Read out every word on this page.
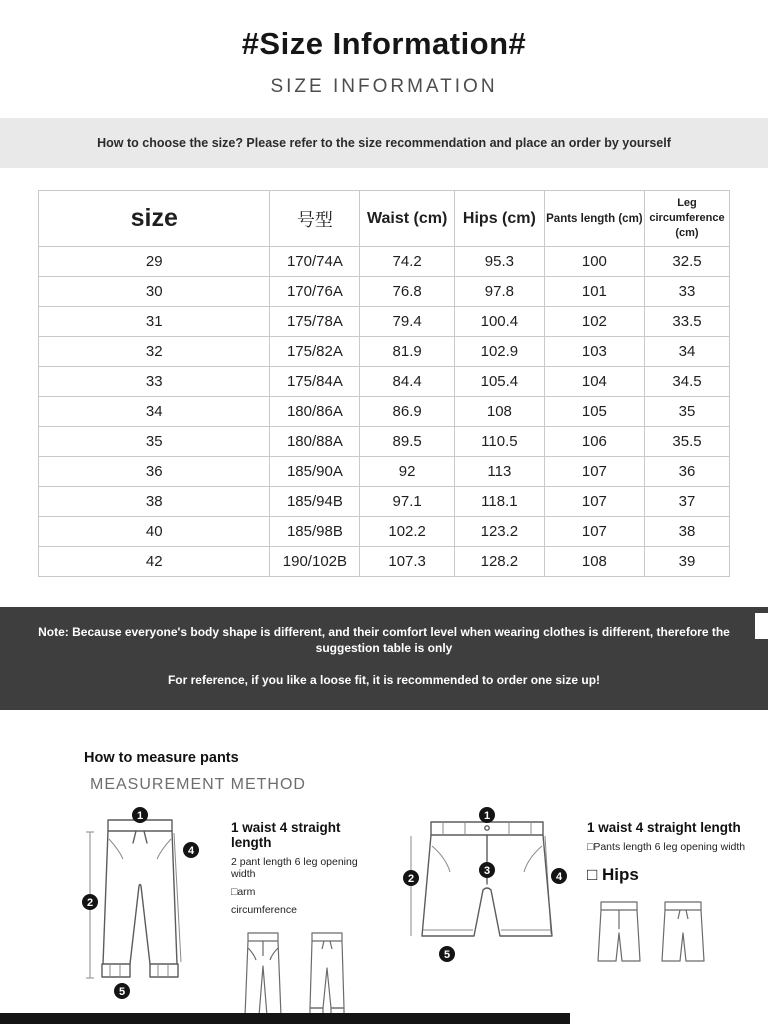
#Size Information#
SIZE INFORMATION
How to choose the size? Please refer to the size recommendation and place an order by yourself
size	号型	Waist (cm)	Hips (cm)	Pants length (cm)	Leg circumference (cm)
29	170/74A	74.2	95.3	100	32.5
30	170/76A	76.8	97.8	101	33
31	175/78A	79.4	100.4	102	33.5
32	175/82A	81.9	102.9	103	34
33	175/84A	84.4	105.4	104	34.5
34	180/86A	86.9	108	105	35
35	180/88A	89.5	110.5	106	35.5
36	185/90A	92	113	107	36
38	185/94B	97.1	118.1	107	37
40	185/98B	102.2	123.2	107	38
42	190/102B	107.3	128.2	108	39

Note: Because everyone's body shape is different, and their comfort level when wearing clothes is different, therefore the suggestion table is only

For reference, if you like a loose fit, it is recommended to order one size up!

How to measure pants
MEASUREMENT METHOD
1
4
2
5
1 waist 4 straight length
2 pant length 6 leg opening width
□arm
circumference
1
3	4
2
5
1 waist 4 straight length
□Pants length 6 leg opening width
□ Hips
